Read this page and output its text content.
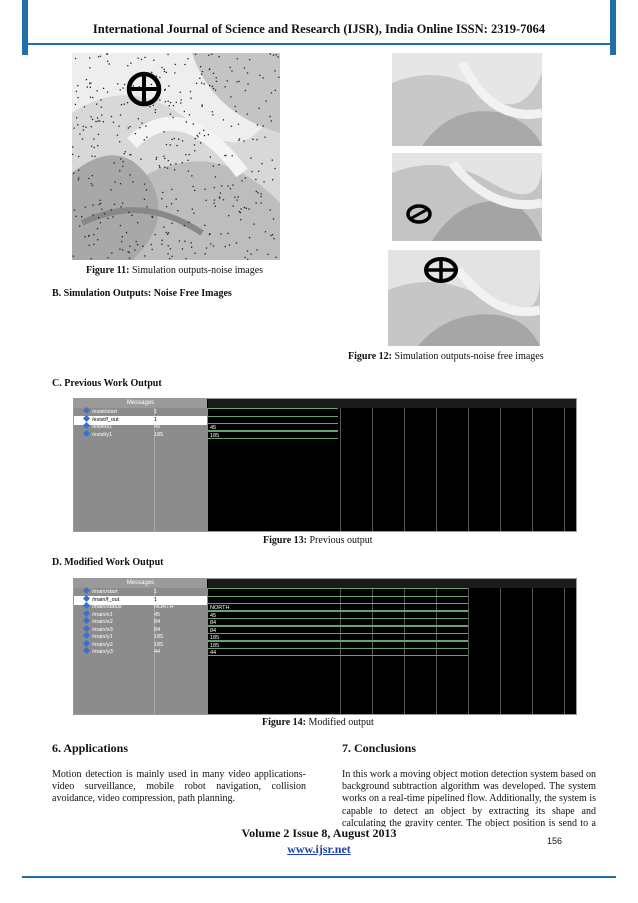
International Journal of Science and Research (IJSR), India Online ISSN: 2319-7064
Figure 11: Simulation outputs-noise images
Figure 12: Simulation outputs-noise free images
B. Simulation Outputs: Noise Free Images
C. Previous Work Output
Messages
/exist/start	1
/exist/f_out	1
/exist/x1	45	45
/exist/y1	185	185
Figure 13: Previous output
D. Modified Work Output
Messages
/main/start	1
/main/f_out	1
/main/status	NORTH	NORTH
/main/x1	45	45
/main/x2	84	84
/main/x3	84	84
/main/y1	185	185
/main/y2	185	185
/main/y3	44	44
Figure 14: Modified output
6. Applications
Motion detection is mainly used in many video applications-video surveillance, mobile robot navigation, collision avoidance, video compression, path planning.
7. Conclusions
In this work a moving object motion detection system based on background subtraction algorithm was developed. The system works on a real-time pipelined flow. Additionally, the system is capable to detect an object by extracting its shape and calculating the gravity center. The object position is send to a
Volume 2 Issue 8, August 2013
www.ijsr.net
156
